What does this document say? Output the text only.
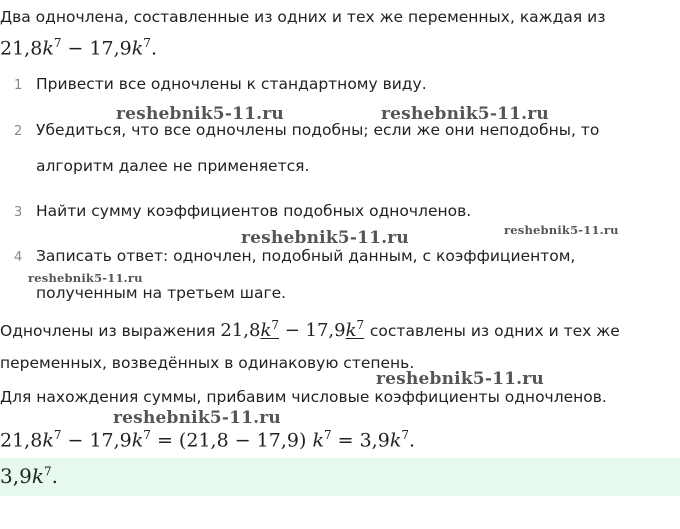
Два одночлена, составленные из одних и тех же переменных, каждая из
$21,8k^7 - 17,9k^7$.
1 Привести все одночлены к стандартному виду.
2 Убедиться, что все одночлены подобны; если же они неподобны, то
алгоритм далее не применяется.
3 Найти сумму коэффициентов подобных одночленов.
4 Записать ответ: одночлен, подобный данным, с коэффициентом,
полученным на третьем шаге.
Одночлены из выражения $21,8k^7 - 17,9k^7$ составлены из одних и тех же
переменных, возведённых в одинаковую степень.
Для нахождения суммы, прибавим числовые коэффициенты одночленов.
$21,8k^7 - 17,9k^7 = (21,8 - 17,9) k^7 = 3,9k^7$.
$3,9k^7$.
reshebnik5-11.ru	reshebnik5-11.ru
reshebnik5-11.ru	reshebnik5-11.ru
reshebnik5-11.ru
reshebnik5-11.ru
reshebnik5-11.ru
